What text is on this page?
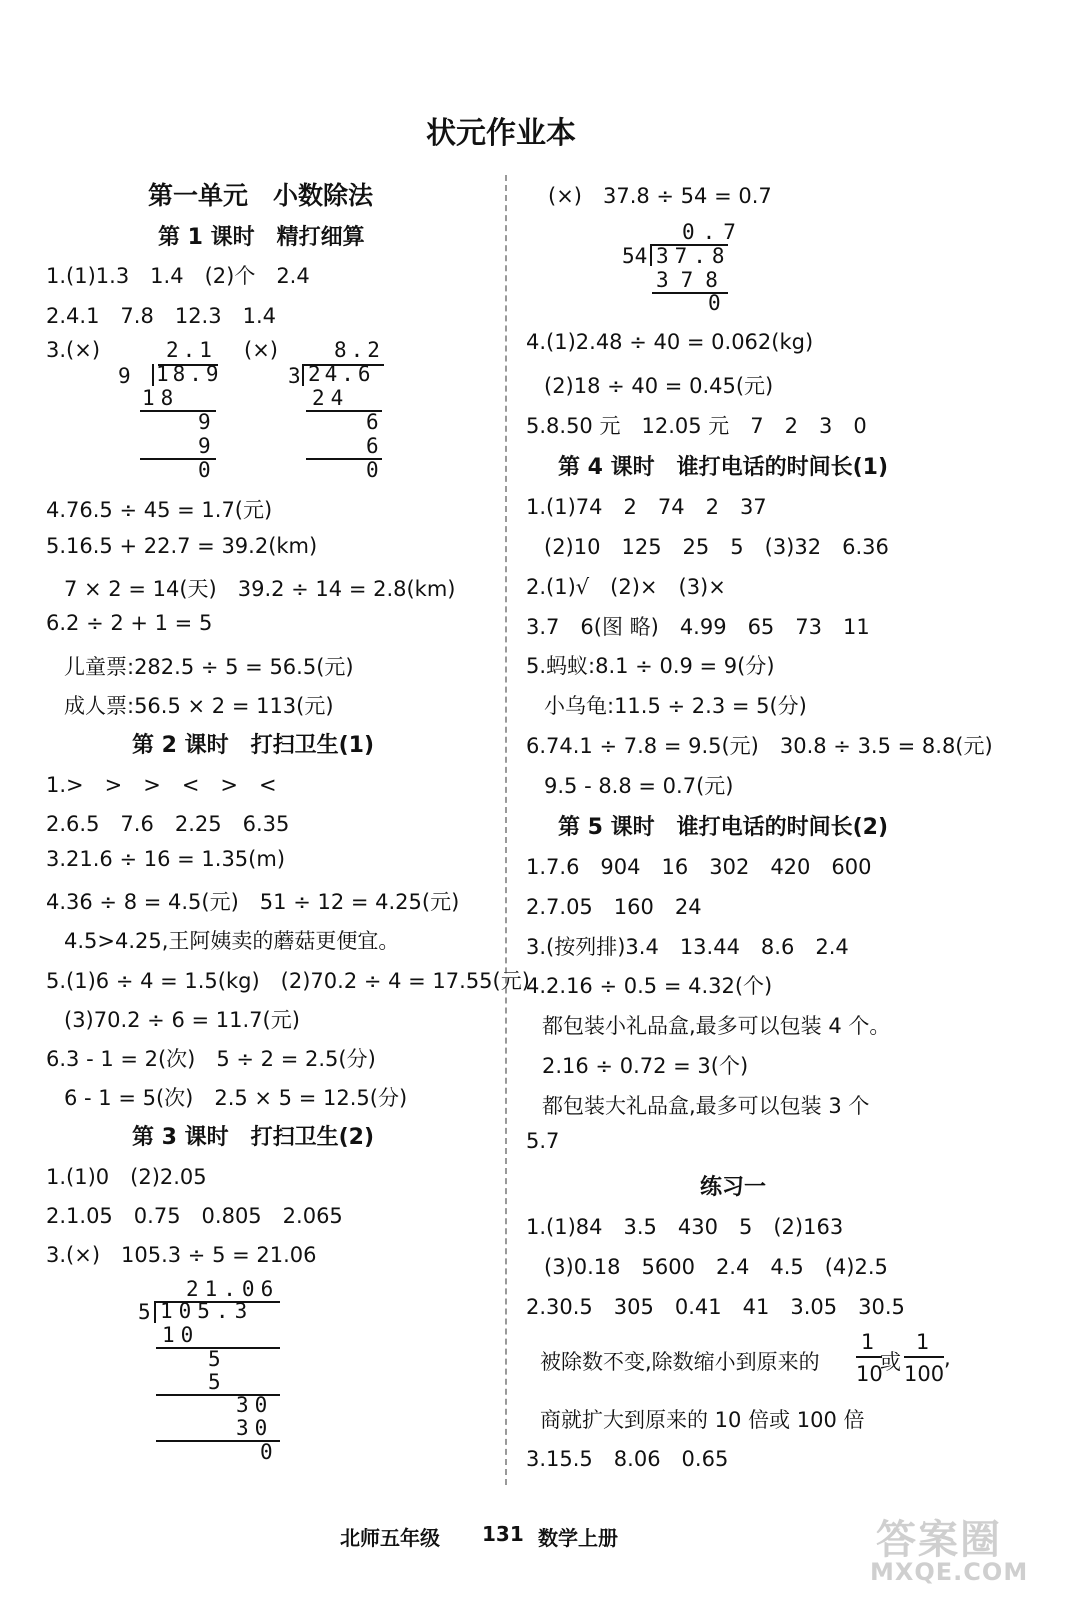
状元作业本
第一单元　小数除法
第 1 课时　精打细算
1.(1)1.3　1.4　(2)个　2.4
2.4.1　7.8　12.3　1.4
3.(×)	2.1
9 18.9
18
9
9
0
(×)	8.2
3 24.6
24
6
6
0
4.76.5 ÷ 45 = 1.7(元)
5.16.5 + 22.7 = 39.2(km)
7 × 2 = 14(天)　39.2 ÷ 14 = 2.8(km)
6.2 ÷ 2 + 1 = 5
儿童票:282.5 ÷ 5 = 56.5(元)
成人票:56.5 × 2 = 113(元)
第 2 课时　打扫卫生(1)
1.>　>　>　<　>　<
2.6.5　7.6　2.25　6.35
3.21.6 ÷ 16 = 1.35(m)
4.36 ÷ 8 = 4.5(元)　51 ÷ 12 = 4.25(元)
4.5>4.25,王阿姨卖的蘑菇更便宜。
5.(1)6 ÷ 4 = 1.5(kg)　(2)70.2 ÷ 4 = 17.55(元)
(3)70.2 ÷ 6 = 11.7(元)
6.3 - 1 = 2(次)　5 ÷ 2 = 2.5(分)
6 - 1 = 5(次)　2.5 × 5 = 12.5(分)
第 3 课时　打扫卫生(2)
1.(1)0　(2)2.05
2.1.05　0.75　0.805　2.065
3.(×)　105.3 ÷ 5 = 21.06
21.06
5 105.3
10
5
5
30
30
0
(×)　37.8 ÷ 54 = 0.7
0.7
54 37.8
378
0
4.(1)2.48 ÷ 40 = 0.062(kg)
(2)18 ÷ 40 = 0.45(元)
5.8.50 元　12.05 元　7　2　3　0
第 4 课时　谁打电话的时间长(1)
1.(1)74　2　74　2　37
(2)10　125　25　5　(3)32　6.36
2.(1)√　(2)×　(3)×
3.7　6(图 略)　4.99　65　73　11
5.蚂蚁:8.1 ÷ 0.9 = 9(分)
小乌龟:11.5 ÷ 2.3 = 5(分)
6.74.1 ÷ 7.8 = 9.5(元)　30.8 ÷ 3.5 = 8.8(元)
9.5 - 8.8 = 0.7(元)
第 5 课时　谁打电话的时间长(2)
1.7.6　904　16　302　420　600
2.7.05　160　24
3.(按列排)3.4　13.44　8.6　2.4
4.2.16 ÷ 0.5 = 4.32(个)
都包装小礼品盒,最多可以包装 4 个。
2.16 ÷ 0.72 = 3(个)
都包装大礼品盒,最多可以包装 3 个
5.7
练习一
1.(1)84　3.5　430　5　(2)163
(3)0.18　5600　2.4　4.5　(4)2.5
2.30.5　305　0.41　41　3.05　30.5
被除数不变,除数缩小到原来的
1
10
或
1
100
,
商就扩大到原来的 10 倍或 100 倍
3.15.5　8.06　0.65
北师五年级 131 数学上册	答案圈
MXQE.COM
